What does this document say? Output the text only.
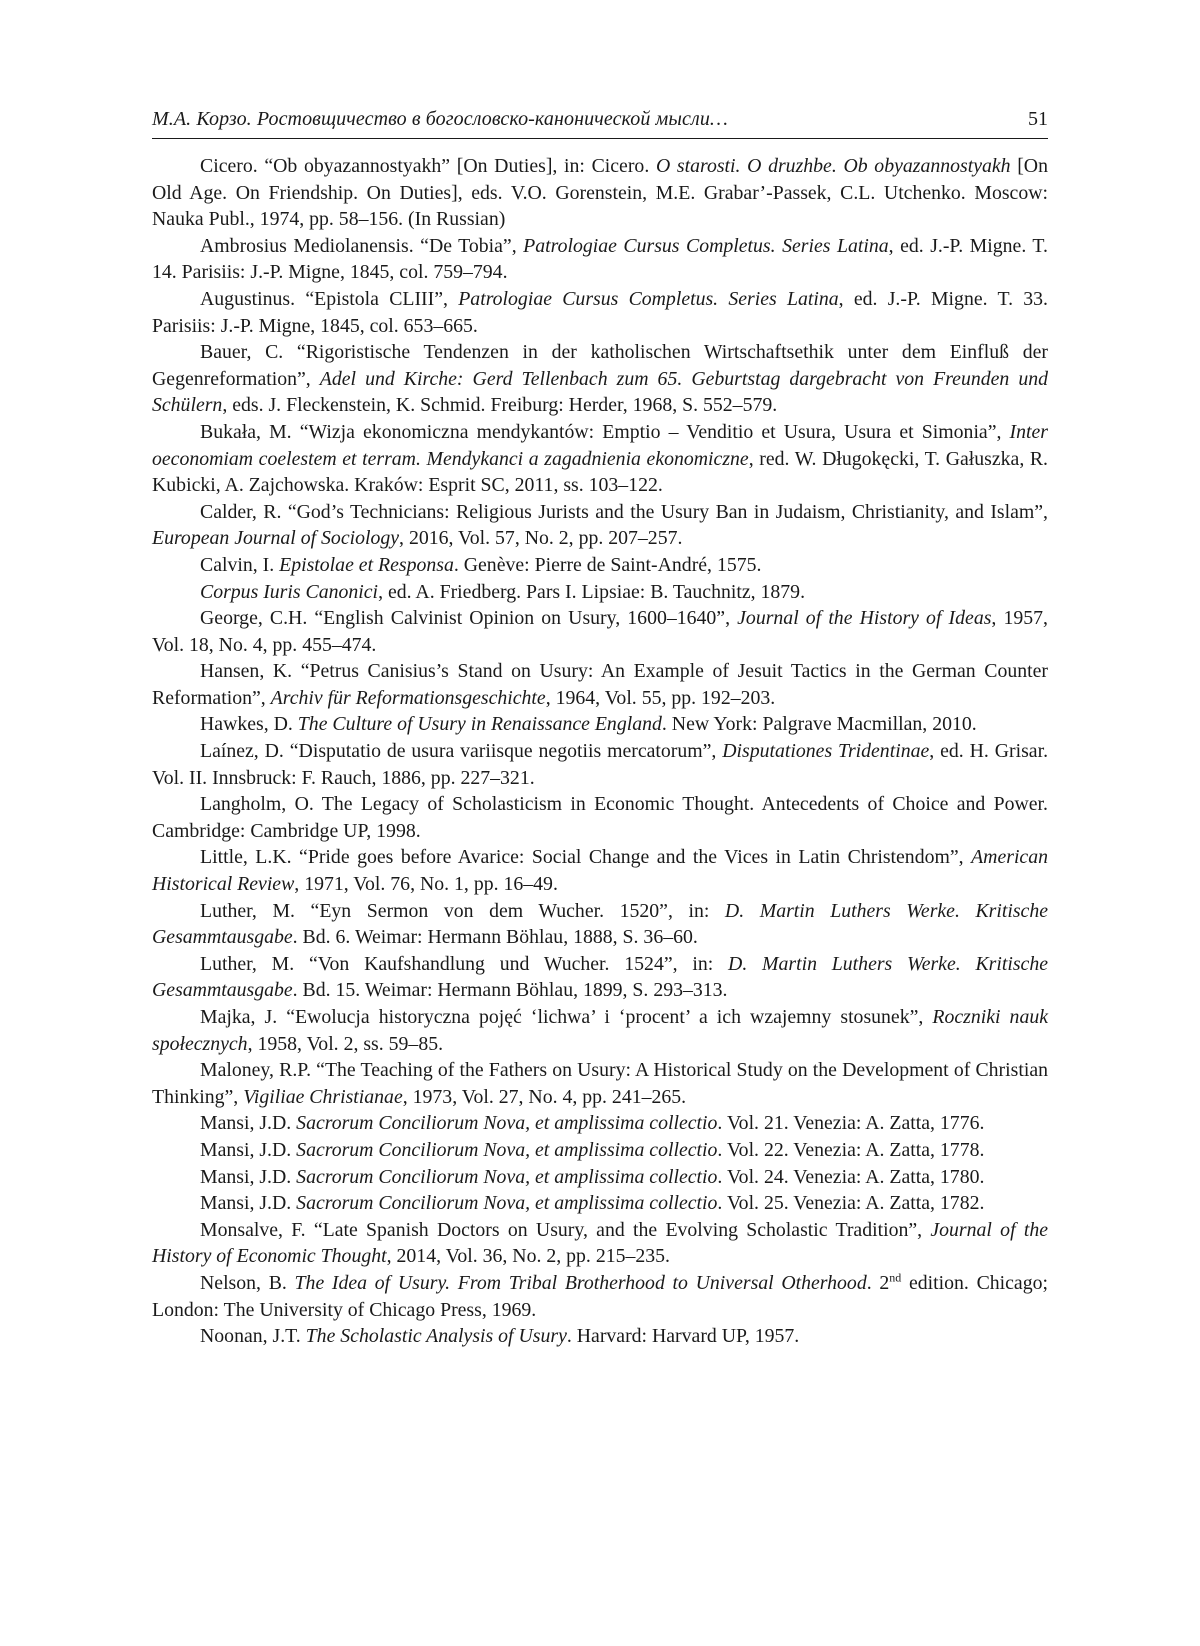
М.А. Корзо. Ростовщичество в богословско-канонической мысли…	51

Cicero. “Ob obyazannostyakh” [On Duties], in: Cicero. O starosti. O druzhbe. Ob obyazannostyakh [On Old Age. On Friendship. On Duties], eds. V.O. Gorenstein, M.E. Grabar’-Passek, C.L. Utchenko. Moscow: Nauka Publ., 1974, pp. 58–156. (In Russian)

Ambrosius Mediolanensis. “De Tobia”, Patrologiae Cursus Completus. Series Latina, ed. J.-P. Migne. T. 14. Parisiis: J.-P. Migne, 1845, col. 759–794.

Augustinus. “Epistola CLIII”, Patrologiae Cursus Completus. Series Latina, ed. J.-P. Migne. T. 33. Parisiis: J.-P. Migne, 1845, col. 653–665.

Bauer, C. “Rigoristische Tendenzen in der katholischen Wirtschaftsethik unter dem Einfluß der Gegenreformation”, Adel und Kirche: Gerd Tellenbach zum 65. Geburtstag dargebracht von Freunden und Schülern, eds. J. Fleckenstein, K. Schmid. Freiburg: Herder, 1968, S. 552–579.

Bukała, M. “Wizja ekonomiczna mendykantów: Emptio – Venditio et Usura, Usura et Simonia”, Inter oeconomiam coelestem et terram. Mendykanci a zagadnienia ekonomiczne, red. W. Długokęcki, T. Gałuszka, R. Kubicki, A. Zajchowska. Kraków: Esprit SC, 2011, ss. 103–122.

Calder, R. “God’s Technicians: Religious Jurists and the Usury Ban in Judaism, Christianity, and Islam”, European Journal of Sociology, 2016, Vol. 57, No. 2, pp. 207–257.

Calvin, I. Epistolae et Responsa. Genève: Pierre de Saint-André, 1575.

Corpus Iuris Canonici, ed. A. Friedberg. Pars I. Lipsiae: B. Tauchnitz, 1879.

George, C.H. “English Calvinist Opinion on Usury, 1600–1640”, Journal of the History of Ideas, 1957, Vol. 18, No. 4, pp. 455–474.

Hansen, K. “Petrus Canisius’s Stand on Usury: An Example of Jesuit Tactics in the German Counter Reformation”, Archiv für Reformationsgeschichte, 1964, Vol. 55, pp. 192–203.

Hawkes, D. The Culture of Usury in Renaissance England. New York: Palgrave Macmillan, 2010.

Laínez, D. “Disputatio de usura variisque negotiis mercatorum”, Disputationes Tridentinae, ed. H. Grisar. Vol. II. Innsbruck: F. Rauch, 1886, pp. 227–321.

Langholm, O. The Legacy of Scholasticism in Economic Thought. Antecedents of Choice and Power. Cambridge: Cambridge UP, 1998.

Little, L.K. “Pride goes before Avarice: Social Change and the Vices in Latin Christendom”, American Historical Review, 1971, Vol. 76, No. 1, pp. 16–49.

Luther, M. “Eyn Sermon von dem Wucher. 1520”, in: D. Martin Luthers Werke. Kritische Gesammtausgabe. Bd. 6. Weimar: Hermann Böhlau, 1888, S. 36–60.

Luther, M. “Von Kaufshandlung und Wucher. 1524”, in: D. Martin Luthers Werke. Kritische Gesammtausgabe. Bd. 15. Weimar: Hermann Böhlau, 1899, S. 293–313.

Majka, J. “Ewolucja historyczna pojęć ‘lichwa’ i ‘procent’ a ich wzajemny stosunek”, Roczniki nauk społecznych, 1958, Vol. 2, ss. 59–85.

Maloney, R.P. “The Teaching of the Fathers on Usury: A Historical Study on the Development of Christian Thinking”, Vigiliae Christianae, 1973, Vol. 27, No. 4, pp. 241–265.

Mansi, J.D. Sacrorum Conciliorum Nova, et amplissima collectio. Vol. 21. Venezia: A. Zatta, 1776.

Mansi, J.D. Sacrorum Conciliorum Nova, et amplissima collectio. Vol. 22. Venezia: A. Zatta, 1778.

Mansi, J.D. Sacrorum Conciliorum Nova, et amplissima collectio. Vol. 24. Venezia: A. Zatta, 1780.

Mansi, J.D. Sacrorum Conciliorum Nova, et amplissima collectio. Vol. 25. Venezia: A. Zatta, 1782.

Monsalve, F. “Late Spanish Doctors on Usury, and the Evolving Scholastic Tradition”, Journal of the History of Economic Thought, 2014, Vol. 36, No. 2, pp. 215–235.

Nelson, B. The Idea of Usury. From Tribal Brotherhood to Universal Otherhood. 2nd edition. Chicago; London: The University of Chicago Press, 1969.

Noonan, J.T. The Scholastic Analysis of Usury. Harvard: Harvard UP, 1957.
